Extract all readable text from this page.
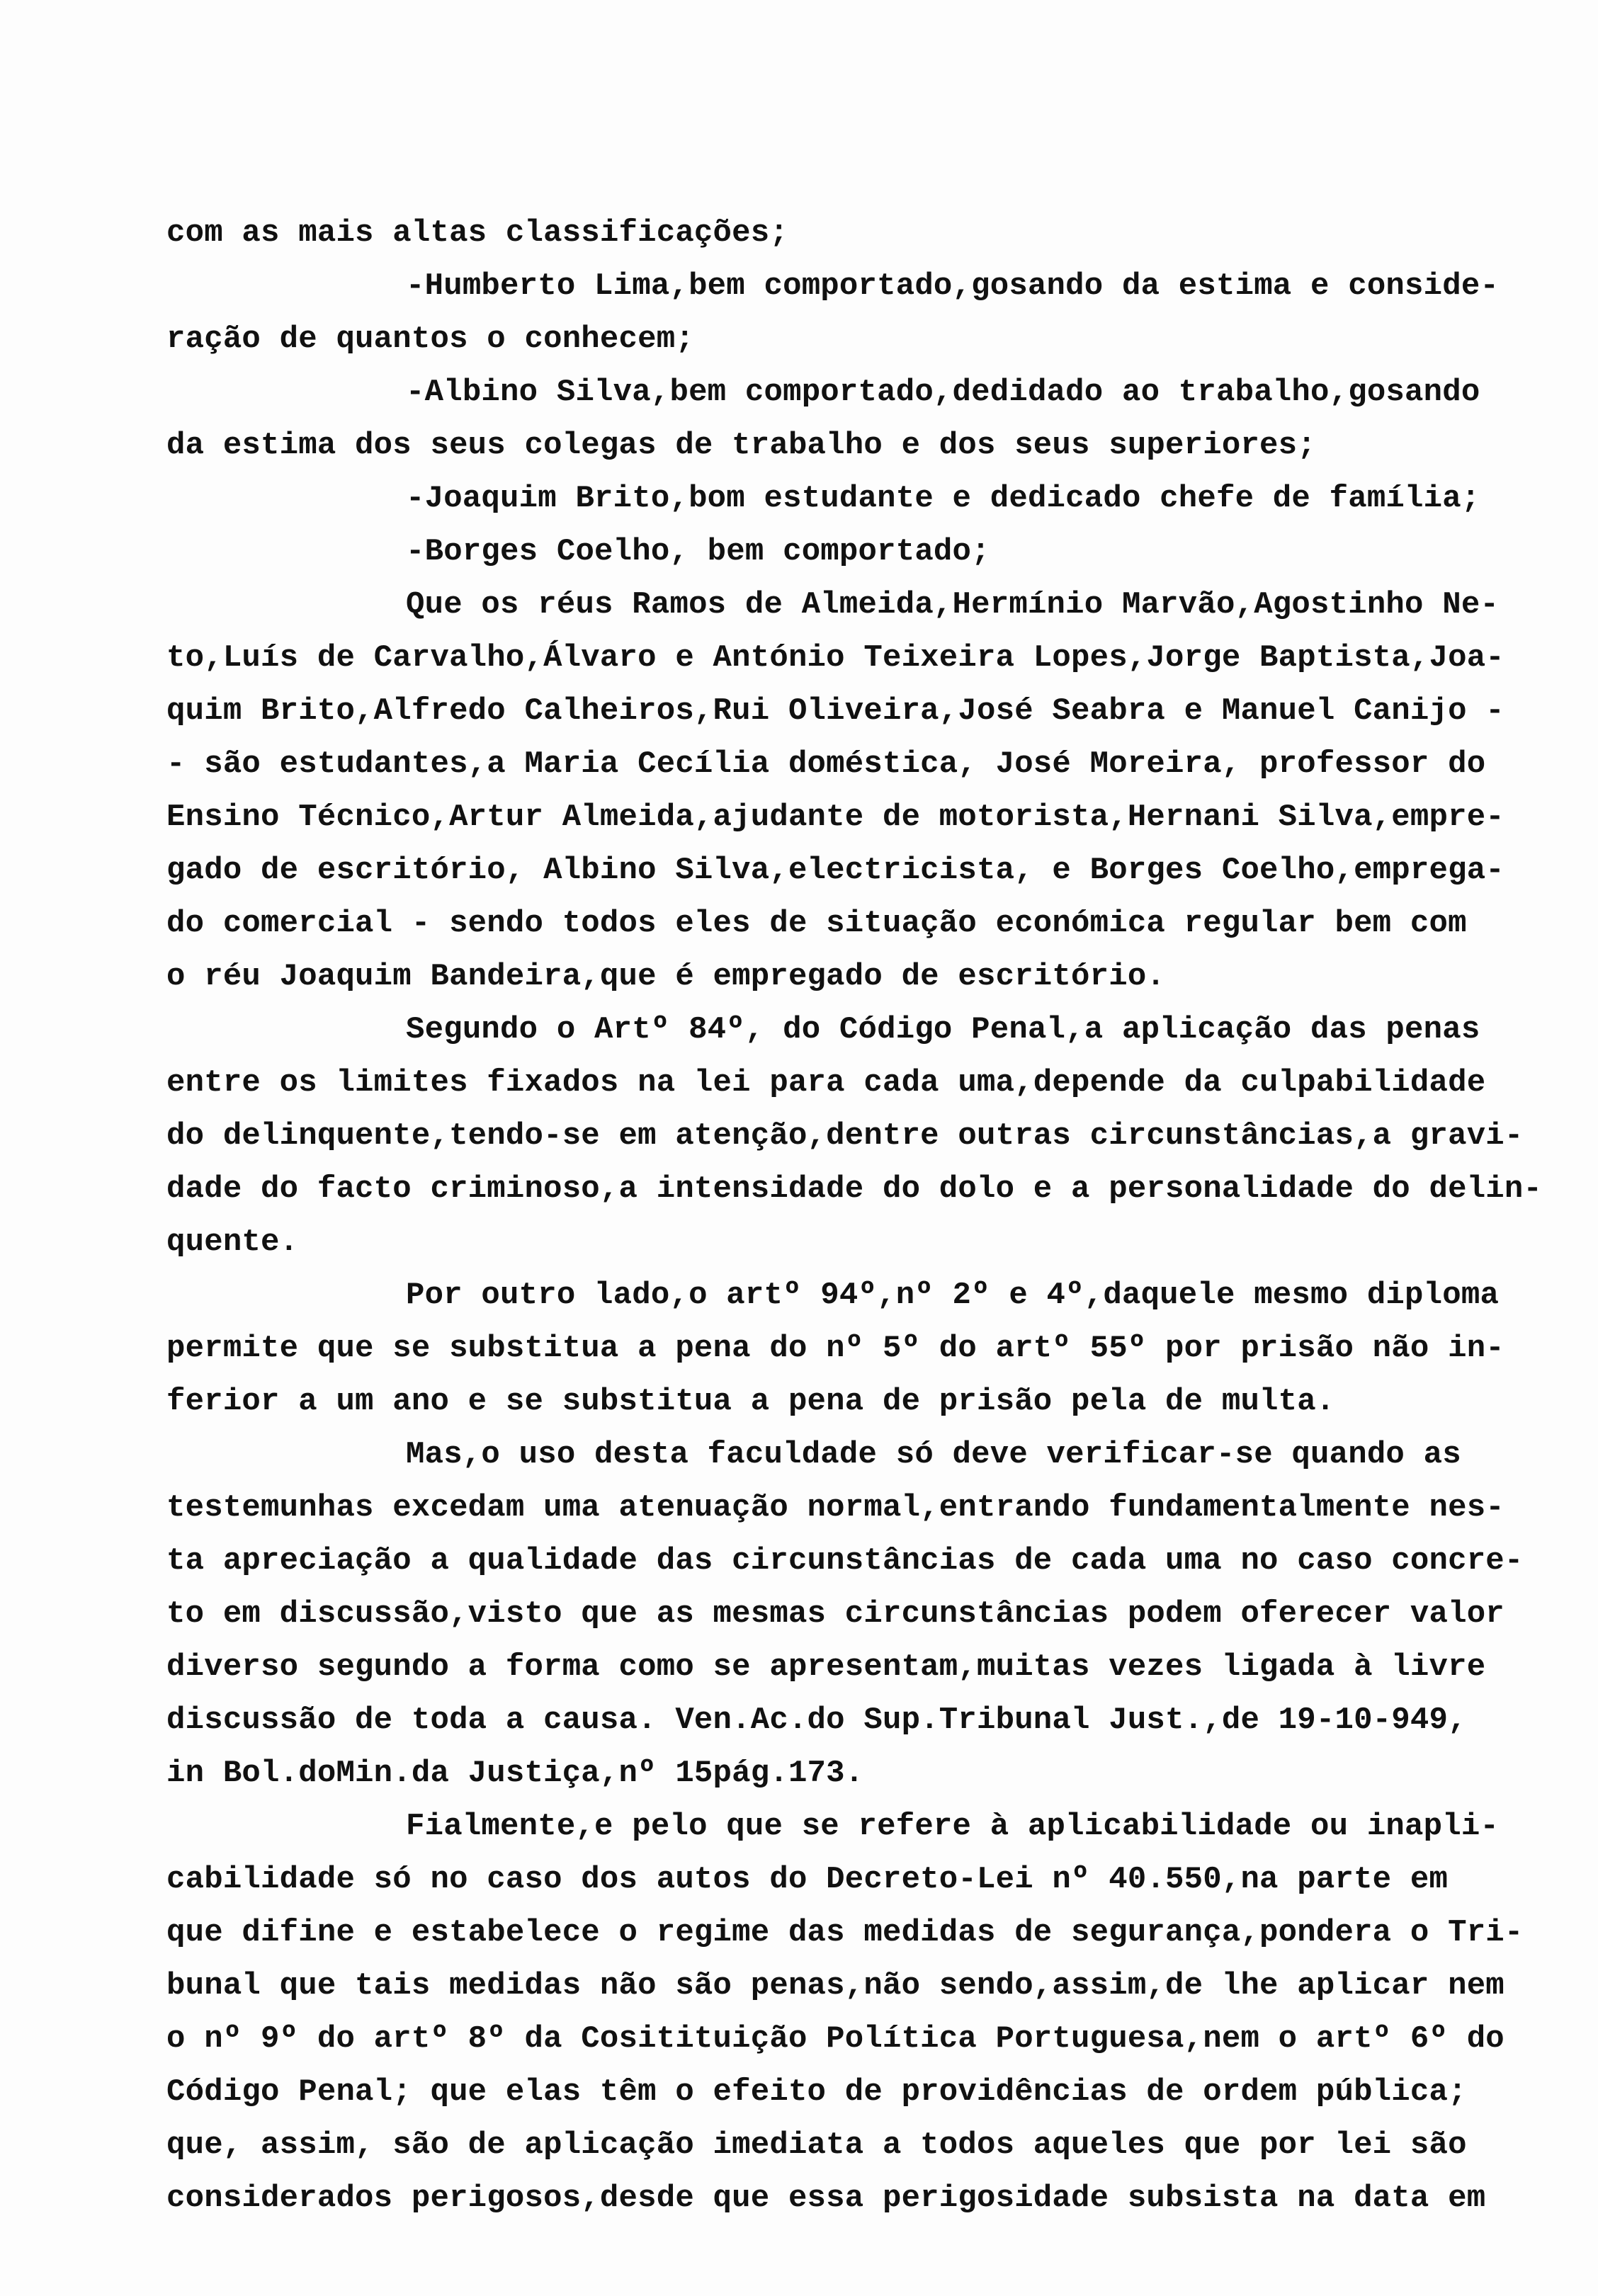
com as mais altas classificações;
-Humberto Lima,bem comportado,gosando da estima e conside-
ração de quantos o conhecem;
-Albino Silva,bem comportado,dedidado ao trabalho,gosando
da estima dos seus colegas de trabalho e dos seus superiores;
-Joaquim Brito,bom estudante e dedicado chefe de família;
-Borges Coelho, bem comportado;
Que os réus Ramos de Almeida,Hermínio Marvão,Agostinho Ne-
to,Luís de Carvalho,Álvaro e António Teixeira Lopes,Jorge Baptista,Joa-
quim Brito,Alfredo Calheiros,Rui Oliveira,José Seabra e Manuel Canijo -
- são estudantes,a Maria Cecília doméstica, José Moreira, professor do
Ensino Técnico,Artur Almeida,ajudante de motorista,Hernani Silva,empre-
gado de escritório, Albino Silva,electricista, e Borges Coelho,emprega-
do comercial - sendo todos eles de situação económica regular bem com
o réu Joaquim Bandeira,que é empregado de escritório.
Segundo o Artº 84º, do Código Penal,a aplicação das penas
entre os limites fixados na lei para cada uma,depende da culpabilidade
do delinquente,tendo-se em atenção,dentre outras circunstâncias,a gravi-
dade do facto criminoso,a intensidade do dolo e a personalidade do delin-
quente.
Por outro lado,o artº 94º,nº 2º e 4º,daquele mesmo diploma
permite que se substitua a pena do nº 5º do artº 55º por prisão não in-
ferior a um ano e se substitua a pena de prisão pela de multa.
Mas,o uso desta faculdade só deve verificar-se quando as
testemunhas excedam uma atenuação normal,entrando fundamentalmente nes-
ta apreciação a qualidade das circunstâncias de cada uma no caso concre-
to em discussão,visto que as mesmas circunstâncias podem oferecer valor
diverso segundo a forma como se apresentam,muitas vezes ligada à livre
discussão de toda a causa. Ven.Ac.do Sup.Tribunal Just.,de 19-10-949,
in Bol.doMin.da Justiça,nº 15pág.173.
Fialmente,e pelo que se refere à aplicabilidade ou inapli-
cabilidade só no caso dos autos do Decreto-Lei nº 40.550,na parte em
que difine e estabelece o regime das medidas de segurança,pondera o Tri-
bunal que tais medidas não são penas,não sendo,assim,de lhe aplicar nem
o nº 9º do artº 8º da Cositituição Política Portuguesa,nem o artº 6º do
Código Penal; que elas têm o efeito de providências de ordem pública;
que, assim, são de aplicação imediata a todos aqueles que por lei são
considerados perigosos,desde que essa perigosidade subsista na data em
